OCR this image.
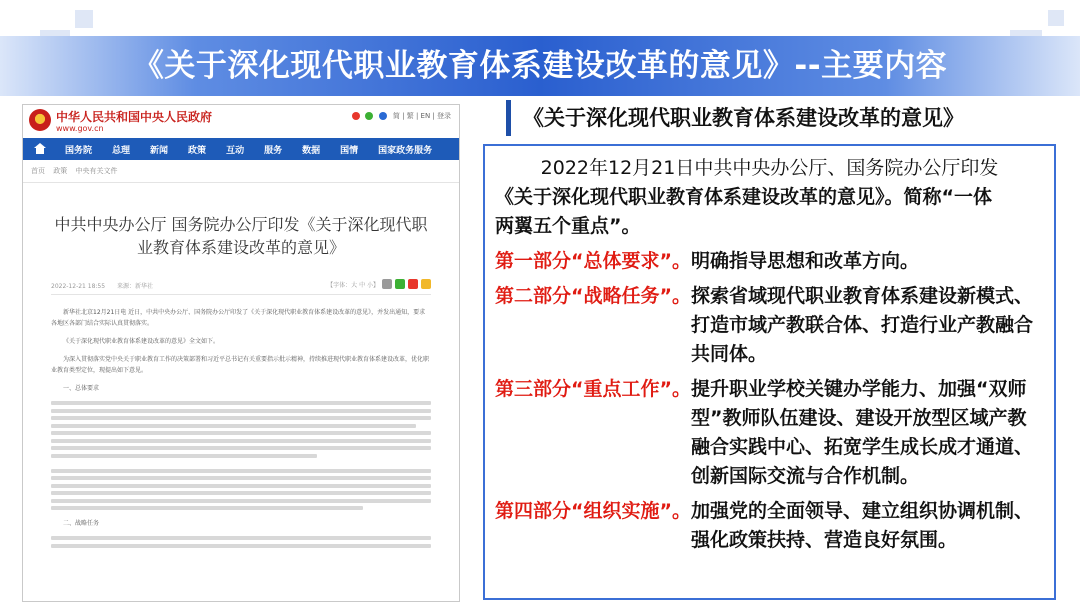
《关于深化现代职业教育体系建设改革的意见》--主要内容
中华人民共和国中央人民政府
www.gov.cn
简 | 繁 | EN | 登录
国务院	总理	新闻	政策	互动	服务	数据	国情	国家政务服务
首页 政策 中央有关文件
中共中央办公厅 国务院办公厅印发《关于深化现代职业教育体系建设改革的意见》
2022-12-21 18:55 来源：新华社	【字体：大 中 小】

新华社北京12月21日电 近日，中共中央办公厅、国务院办公厅印发了《关于深化现代职业教育体系建设改革的意见》，并发出通知，要求各地区各部门结合实际认真贯彻落实。

《关于深化现代职业教育体系建设改革的意见》全文如下。

为深入贯彻落实党中央关于职业教育工作的决策部署和习近平总书记有关重要指示批示精神，持续推进现代职业教育体系建设改革，优化职业教育类型定位，现提出如下意见。

一、总体要求
二、战略任务
《关于深化现代职业教育体系建设改革的意见》
2022年12月21日中共中央办公厅、国务院办公厅印发
《关于深化现代职业教育体系建设改革的意见》。简称“一体
两翼五个重点”。
第一部分“总体要求”。 明确指导思想和改革方向。
第二部分“战略任务”。 探索省域现代职业教育体系建设新模式、打造市域产教联合体、打造行业产教融合共同体。
第三部分“重点工作”。 提升职业学校关键办学能力、加强“双师型”教师队伍建设、建设开放型区域产教融合实践中心、拓宽学生成长成才通道、创新国际交流与合作机制。
第四部分“组织实施”。 加强党的全面领导、建立组织协调机制、强化政策扶持、营造良好氛围。
